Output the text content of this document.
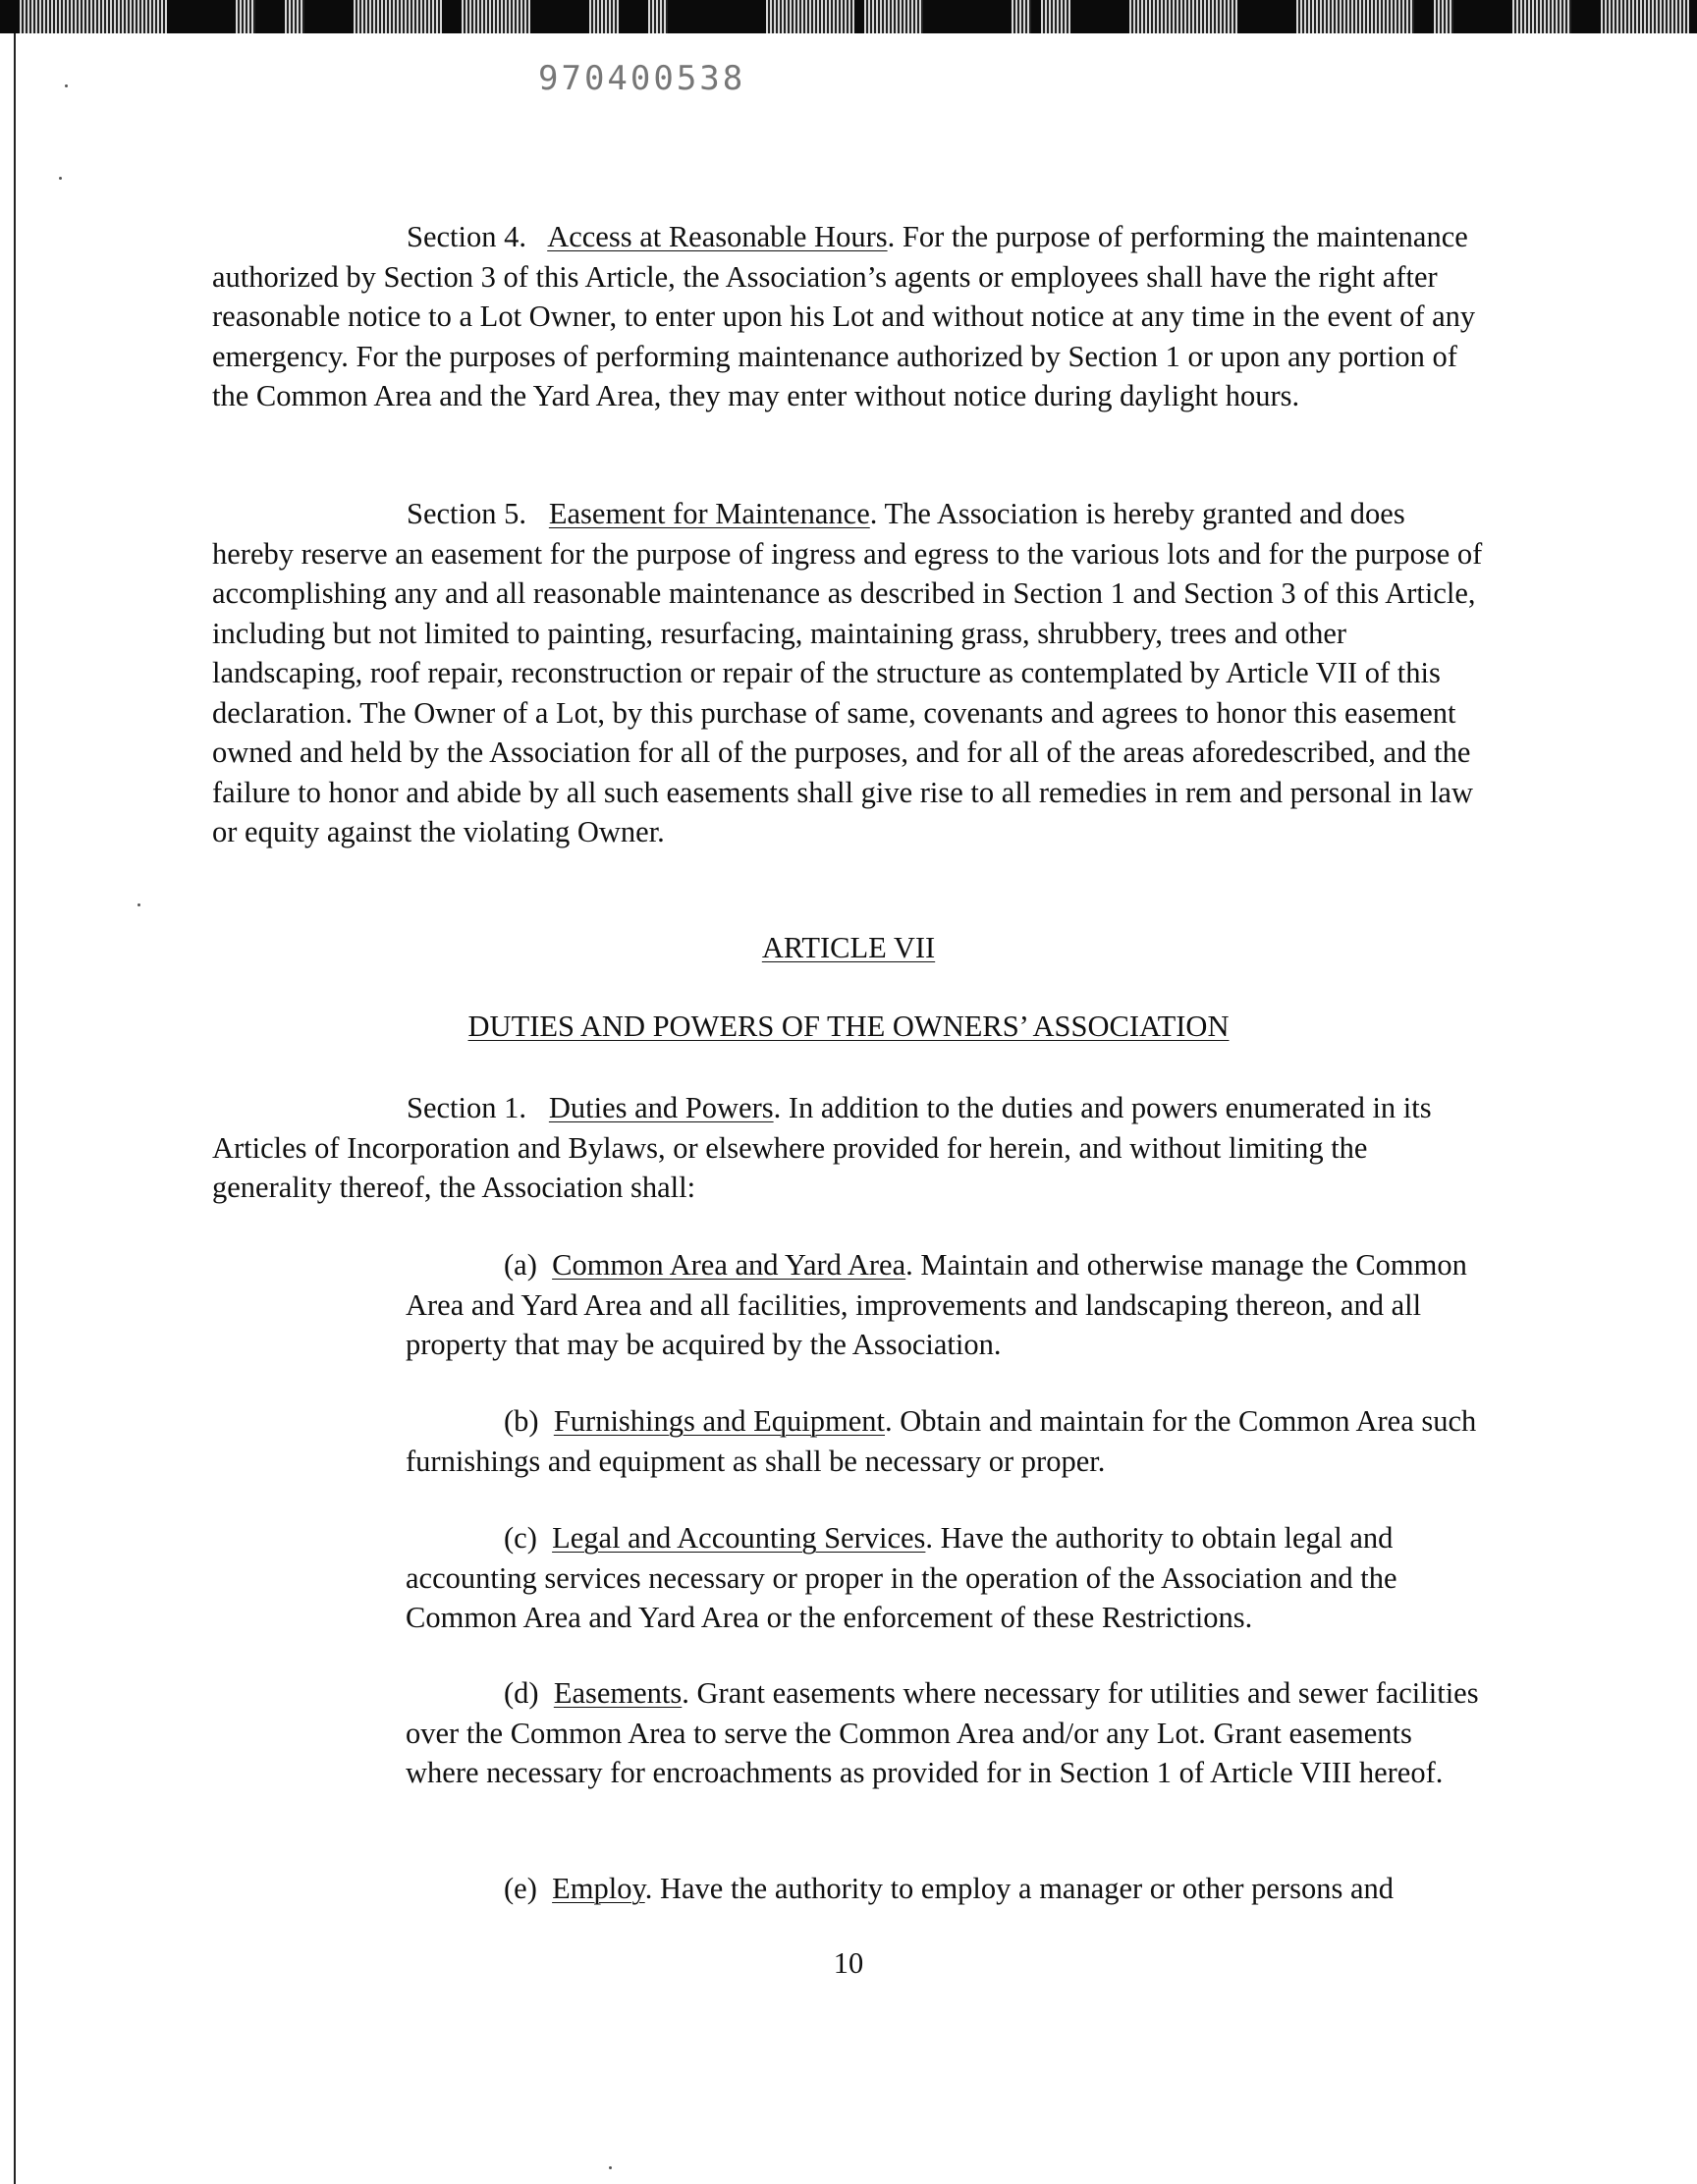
970400538

Section 4. Access at Reasonable Hours. For the purpose of performing the maintenance authorized by Section 3 of this Article, the Association’s agents or employees shall have the right after reasonable notice to a Lot Owner, to enter upon his Lot and without notice at any time in the event of any emergency. For the purposes of performing maintenance authorized by Section 1 or upon any portion of the Common Area and the Yard Area, they may enter without notice during daylight hours.

Section 5. Easement for Maintenance. The Association is hereby granted and does hereby reserve an easement for the purpose of ingress and egress to the various lots and for the purpose of accomplishing any and all reasonable maintenance as described in Section 1 and Section 3 of this Article, including but not limited to painting, resurfacing, maintaining grass, shrubbery, trees and other landscaping, roof repair, reconstruction or repair of the structure as contemplated by Article VII of this declaration. The Owner of a Lot, by this purchase of same, covenants and agrees to honor this easement owned and held by the Association for all of the purposes, and for all of the areas aforedescribed, and the failure to honor and abide by all such easements shall give rise to all remedies in rem and personal in law or equity against the violating Owner.

ARTICLE VII
DUTIES AND POWERS OF THE OWNERS’ ASSOCIATION

Section 1. Duties and Powers. In addition to the duties and powers enumerated in its Articles of Incorporation and Bylaws, or elsewhere provided for herein, and without limiting the generality thereof, the Association shall:

(a) Common Area and Yard Area. Maintain and otherwise manage the Common Area and Yard Area and all facilities, improvements and landscaping thereon, and all property that may be acquired by the Association.

(b) Furnishings and Equipment. Obtain and maintain for the Common Area such furnishings and equipment as shall be necessary or proper.

(c) Legal and Accounting Services. Have the authority to obtain legal and accounting services necessary or proper in the operation of the Association and the Common Area and Yard Area or the enforcement of these Restrictions.

(d) Easements. Grant easements where necessary for utilities and sewer facilities over the Common Area to serve the Common Area and/or any Lot. Grant easements where necessary for encroachments as provided for in Section 1 of Article VIII hereof.

(e) Employ. Have the authority to employ a manager or other persons and

10
